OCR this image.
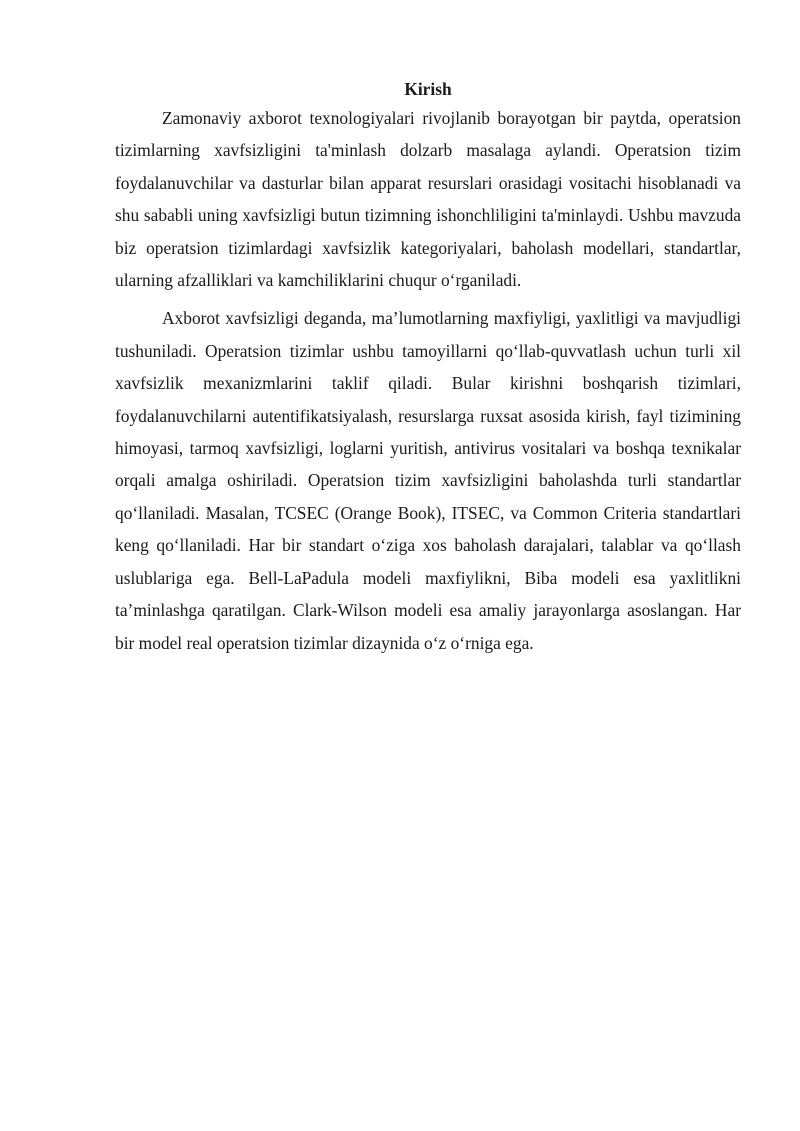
Kirish

Zamonaviy axborot texnologiyalari rivojlanib borayotgan bir paytda, operatsion tizimlarning xavfsizligini ta'minlash dolzarb masalaga aylandi. Operatsion tizim foydalanuvchilar va dasturlar bilan apparat resurslari orasidagi vositachi hisoblanadi va shu sababli uning xavfsizligi butun tizimning ishonchliligini ta'minlaydi. Ushbu mavzuda biz operatsion tizimlardagi xavfsizlik kategoriyalari, baholash modellari, standartlar, ularning afzalliklari va kamchiliklarini chuqur o‘rganiladi.

Axborot xavfsizligi deganda, ma’lumotlarning maxfiyligi, yaxlitligi va mavjudligi tushuniladi. Operatsion tizimlar ushbu tamoyillarni qo‘llab-quvvatlash uchun turli xil xavfsizlik mexanizmlarini taklif qiladi. Bular kirishni boshqarish tizimlari, foydalanuvchilarni autentifikatsiyalash, resurslarga ruxsat asosida kirish, fayl tizimining himoyasi, tarmoq xavfsizligi, loglarni yuritish, antivirus vositalari va boshqa texnikalar orqali amalga oshiriladi. Operatsion tizim xavfsizligini baholashda turli standartlar qo‘llaniladi. Masalan, TCSEC (Orange Book), ITSEC, va Common Criteria standartlari keng qo‘llaniladi. Har bir standart o‘ziga xos baholash darajalari, talablar va qo‘llash uslublariga ega. Bell-LaPadula modeli maxfiylikni, Biba modeli esa yaxlitlikni ta’minlashga qaratilgan. Clark-Wilson modeli esa amaliy jarayonlarga asoslangan. Har bir model real operatsion tizimlar dizaynida o‘z o‘rniga ega.
